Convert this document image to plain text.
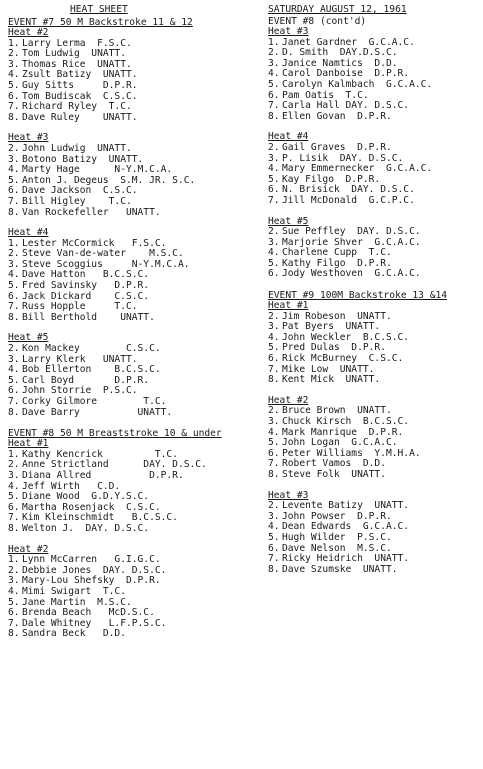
HEAT SHEET
EVENT #7 50 M Backstroke 11 & 12
Heat #2
1. Larry Lerma  F.S.C.
2. Tom Ludwig  UNATT.
3. Thomas Rice  UNATT.
4. Zsult Batizy  UNATT.
5. Guy Sitts     D.P.R.
6. Tom Budiscak  C.S.C.
7. Richard Ryley  T.C.
8. Dave Ruley    UNATT.
Heat #3
2. John Ludwig  UNATT.
3. Botono Batizy  UNATT.
4. Marty Hage      N-Y.M.C.A.
5. Anton J. Degeus  S.M. JR. S.C.
6. Dave Jackson  C.S.C.
7. Bill Higley    T.C.
8. Van Rockefeller   UNATT.
Heat #4
1. Lester McCormick   F.S.C.
2. Steve Van-de-water    M.S.C.
3. Steve Scoggius     N-Y.M.C.A.
4. Dave Hatton   B.C.S.C.
5. Fred Savinsky   D.P.R.
6. Jack Dickard    C.S.C.
7. Russ Hopple     T.C.
8. Bill Berthold    UNATT.
Heat #5
2. Kon Mackey        C.S.C.
3. Larry Klerk   UNATT.
4. Bob Ellerton    B.C.S.C.
5. Carl Boyd       D.P.R.
6. John Storrie  P.S.C.
7. Corky Gilmore        T.C.
8. Dave Barry          UNATT.
EVENT #8 50 M Breaststroke 10 & under
Heat #1
1. Kathy Kencrick         T.C.
2. Anne Strictland      DAY. D.S.C.
3. Diana Allred          D.P.R.
4. Jeff Wirth   C.D.
5. Diane Wood  G.D.Y.S.C.
6. Martha Rosenjack  C.S.C.
7. Kim Kleinschmidt   B.C.S.C.
8. Welton J.  DAY. D.S.C.
Heat #2
1. Lynn McCarren   G.I.G.C.
2. Debbie Jones  DAY. D.S.C.
3. Mary-Lou Shefsky  D.P.R.
4. Mimi Swigart  T.C.
5. Jane Martin  M.S.C.
6. Brenda Beach   McD.S.C.
7. Dale Whitney   L.F.P.S.C.
8. Sandra Beck   D.D.
SATURDAY AUGUST 12, 1961
EVENT #8 (cont'd)
Heat #3
1. Janet Gardner  G.C.A.C.
2. D. Smith  DAY.D.S.C.
3. Janice Namtics  D.D.
4. Carol Danboise  D.P.R.
5. Carolyn Kalmbach  G.C.A.C.
6. Pam Oatis  T.C.
7. Carla Hall DAY. D.S.C.
8. Ellen Govan  D.P.R.
Heat #4
2. Gail Graves  D.P.R.
3. P. Lisik  DAY. D.S.C.
4. Mary Emmernecker  G.C.A.C.
5. Kay Filgo  D.P.R.
6. N. Brisick  DAY. D.S.C.
7. Jill McDonald  G.C.P.C.
Heat #5
2. Sue Peffley  DAY. D.S.C.
3. Marjorie Shver  G.C.A.C.
4. Charlene Cupp  T.C.
5. Kathy Filgo  D.P.R.
6. Jody Westhoven  G.C.A.C.
EVENT #9 100M Backstroke 13 &14
Heat #1
2. Jim Robeson  UNATT.
3. Pat Byers  UNATT.
4. John Weckler  B.C.S.C.
5. Pred Dulas  D.P.R.
6. Rick McBurney  C.S.C.
7. Mike Low  UNATT.
8. Kent Mick  UNATT.
Heat #2
2. Bruce Brown  UNATT.
3. Chuck Kirsch  B.C.S.C.
4. Mark Manrique  D.P.R.
5. John Logan  G.C.A.C.
6. Peter Williams  Y.M.H.A.
7. Robert Vamos  D.D.
8. Steve Folk  UNATT.
Heat #3
2. Levente Batizy  UNATT.
3. John Powser  D.P.R.
4. Dean Edwards  G.C.A.C.
5. Hugh Wilder  P.S.C.
6. Dave Nelson  M.S.C.
7. Ricky Heidrich  UNATT.
8. Dave Szumske  UNATT.
